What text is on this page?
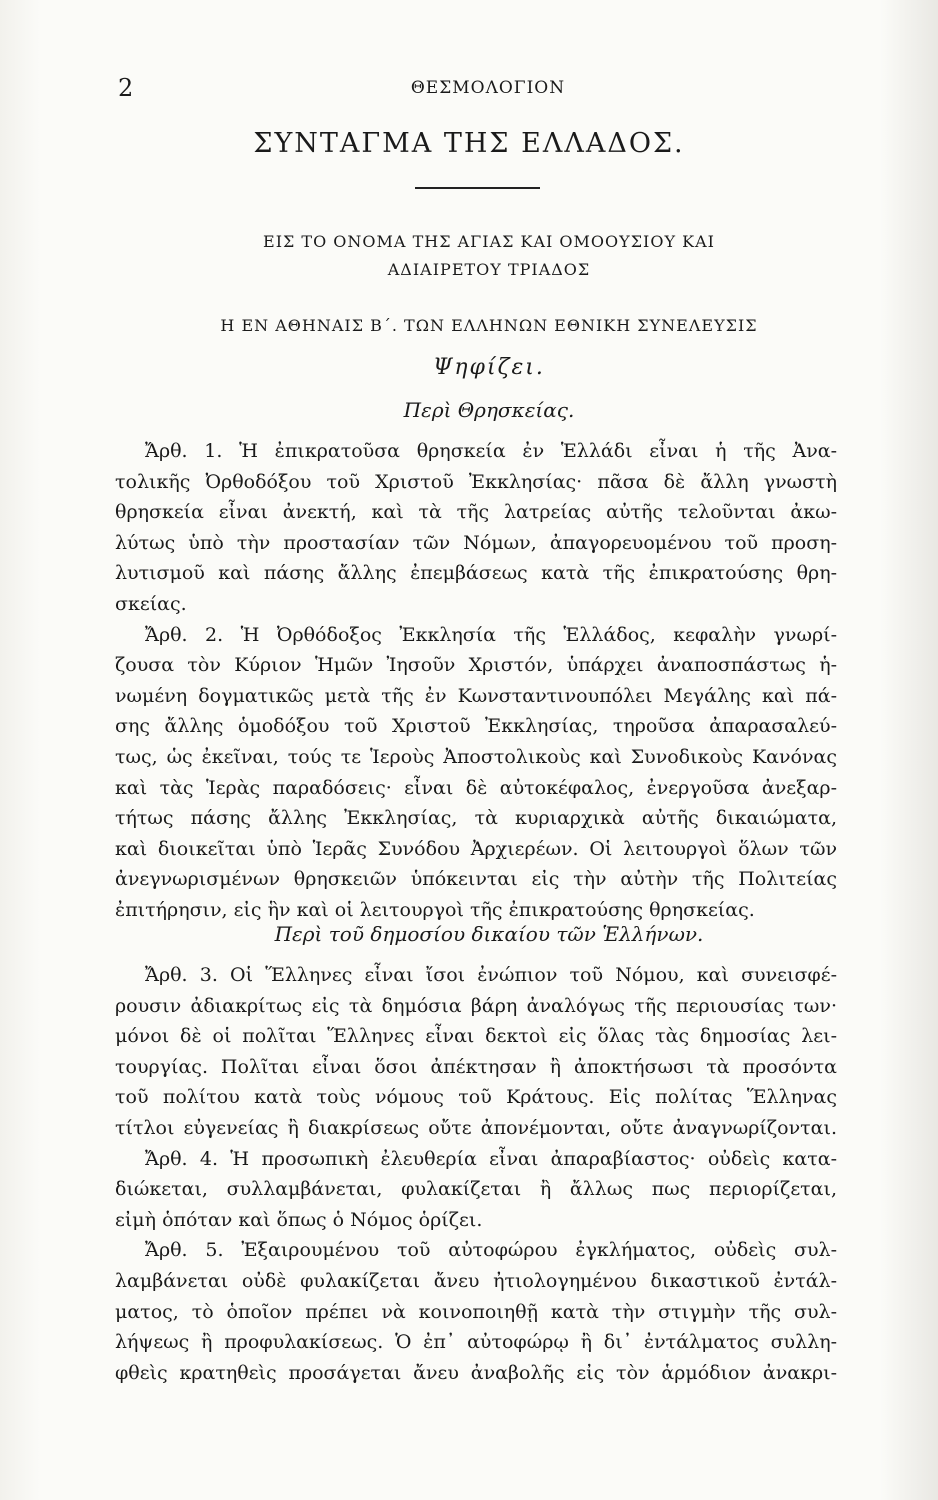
2	ΘΕΣΜΟΛΟΓΙΟΝ
ΣΥΝΤΑΓΜΑ ΤΗΣ ΕΛΛΑΔΟΣ.
ΕΙΣ ΤΟ ΟΝΟΜΑ ΤΗΣ ΑΓΙΑΣ ΚΑΙ ΟΜΟΟΥΣΙΟΥ ΚΑΙ
ΑΔΙΑΙΡΕΤΟΥ ΤΡΙΑΔΟΣ
Η ΕΝ ΑΘΗΝΑΙΣ Β΄. ΤΩΝ ΕΛΛΗΝΩΝ ΕΘΝΙΚΗ ΣΥΝΕΛΕΥΣΙΣ
Ψηφίζει.
Περὶ Θρησκείας.
Ἄρθ. 1. Ἡ ἐπικρατοῦσα θρησκεία ἐν Ἑλλάδι εἶναι ἡ τῆς Ἀνα-
τολικῆς Ὀρθοδόξου τοῦ Χριστοῦ Ἐκκλησίας· πᾶσα δὲ ἄλλη γνωστὴ
θρησκεία εἶναι ἀνεκτή, καὶ τὰ τῆς λατρείας αὐτῆς τελοῦνται ἀκω-
λύτως ὑπὸ τὴν προστασίαν τῶν Νόμων, ἀπαγορευομένου τοῦ προση-
λυτισμοῦ καὶ πάσης ἄλλης ἐπεμβάσεως κατὰ τῆς ἐπικρατούσης θρη-
σκείας.
Ἄρθ. 2. Ἡ Ὀρθόδοξος Ἐκκλησία τῆς Ἑλλάδος, κεφαλὴν γνωρί-
ζουσα τὸν Κύριον Ἡμῶν Ἰησοῦν Χριστόν, ὑπάρχει ἀναποσπάστως ἡ-
νωμένη δογματικῶς μετὰ τῆς ἐν Κωνσταντινουπόλει Μεγάλης καὶ πά-
σης ἄλλης ὁμοδόξου τοῦ Χριστοῦ Ἐκκλησίας, τηροῦσα ἀπαρασαλεύ-
τως, ὡς ἐκεῖναι, τούς τε Ἱεροὺς Ἀποστολικοὺς καὶ Συνοδικοὺς Κανόνας
καὶ τὰς Ἱερὰς παραδόσεις· εἶναι δὲ αὐτοκέφαλος, ἐνεργοῦσα ἀνεξαρ-
τήτως πάσης ἄλλης Ἐκκλησίας, τὰ κυριαρχικὰ αὐτῆς δικαιώματα,
καὶ διοικεῖται ὑπὸ Ἱερᾶς Συνόδου Ἀρχιερέων. Οἱ λειτουργοὶ ὅλων τῶν
ἀνεγνωρισμένων θρησκειῶν ὑπόκεινται εἰς τὴν αὐτὴν τῆς Πολιτείας
ἐπιτήρησιν, εἰς ἣν καὶ οἱ λειτουργοὶ τῆς ἐπικρατούσης θρησκείας.
Περὶ τοῦ δημοσίου δικαίου τῶν Ἑλλήνων.
Ἄρθ. 3. Οἱ Ἕλληνες εἶναι ἴσοι ἐνώπιον τοῦ Νόμου, καὶ συνεισφέ-
ρουσιν ἀδιακρίτως εἰς τὰ δημόσια βάρη ἀναλόγως τῆς περιουσίας των·
μόνοι δὲ οἱ πολῖται Ἕλληνες εἶναι δεκτοὶ εἰς ὅλας τὰς δημοσίας λει-
τουργίας. Πολῖται εἶναι ὅσοι ἀπέκτησαν ἢ ἀποκτήσωσι τὰ προσόντα
τοῦ πολίτου κατὰ τοὺς νόμους τοῦ Κράτους. Εἰς πολίτας Ἕλληνας
τίτλοι εὐγενείας ἢ διακρίσεως οὔτε ἀπονέμονται, οὔτε ἀναγνωρίζονται.
Ἄρθ. 4. Ἡ προσωπικὴ ἐλευθερία εἶναι ἀπαραβίαστος· οὐδεὶς κατα-
διώκεται, συλλαμβάνεται, φυλακίζεται ἢ ἄλλως πως περιορίζεται,
εἰμὴ ὁπόταν καὶ ὅπως ὁ Νόμος ὁρίζει.
Ἄρθ. 5. Ἐξαιρουμένου τοῦ αὐτοφώρου ἐγκλήματος, οὐδεὶς συλ-
λαμβάνεται οὐδὲ φυλακίζεται ἄνευ ἠτιολογημένου δικαστικοῦ ἐντάλ-
ματος, τὸ ὁποῖον πρέπει νὰ κοινοποιηθῇ κατὰ τὴν στιγμὴν τῆς συλ-
λήψεως ἢ προφυλακίσεως. Ὁ ἐπ᾽ αὐτοφώρῳ ἢ δι᾽ ἐντάλματος συλλη-
φθεὶς κρατηθεὶς προσάγεται ἄνευ ἀναβολῆς εἰς τὸν ἁρμόδιον ἀνακρι-
